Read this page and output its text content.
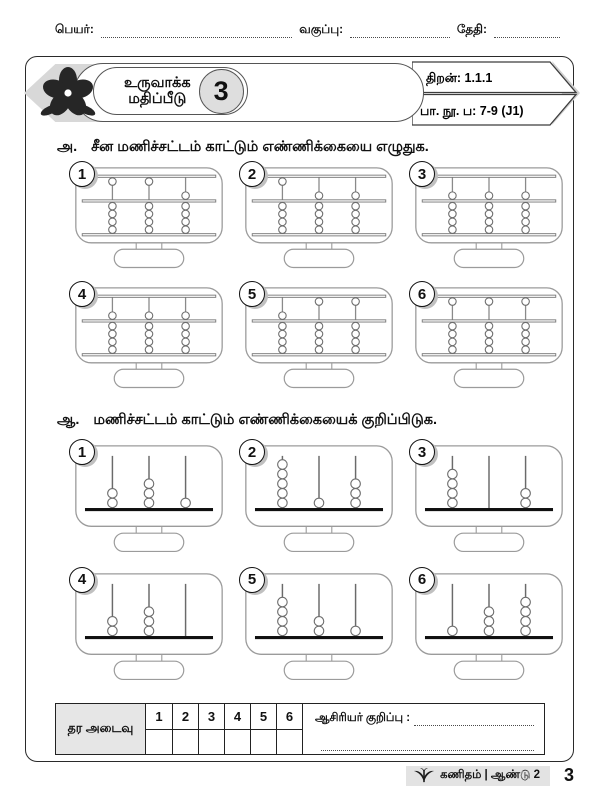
பெயர்:	வகுப்பு:	தேதி:
உருவாக்க
மதிப்பீடு	3	திறன்: 1.1.1
பா. நூ. ப: 7-9 (J1)
அ. சீன மணிச்சட்டம் காட்டும் எண்ணிக்கையை எழுதுக.
1	2	3
4	5	6
ஆ. மணிச்சட்டம் காட்டும் எண்ணிக்கையைக் குறிப்பிடுக.
1	2	3
4	5	6
தர அடைவு
1	2	3	4	5	6	ஆசிரியர் குறிப்பு :
கணிதம் | ஆண்டு 2 3
